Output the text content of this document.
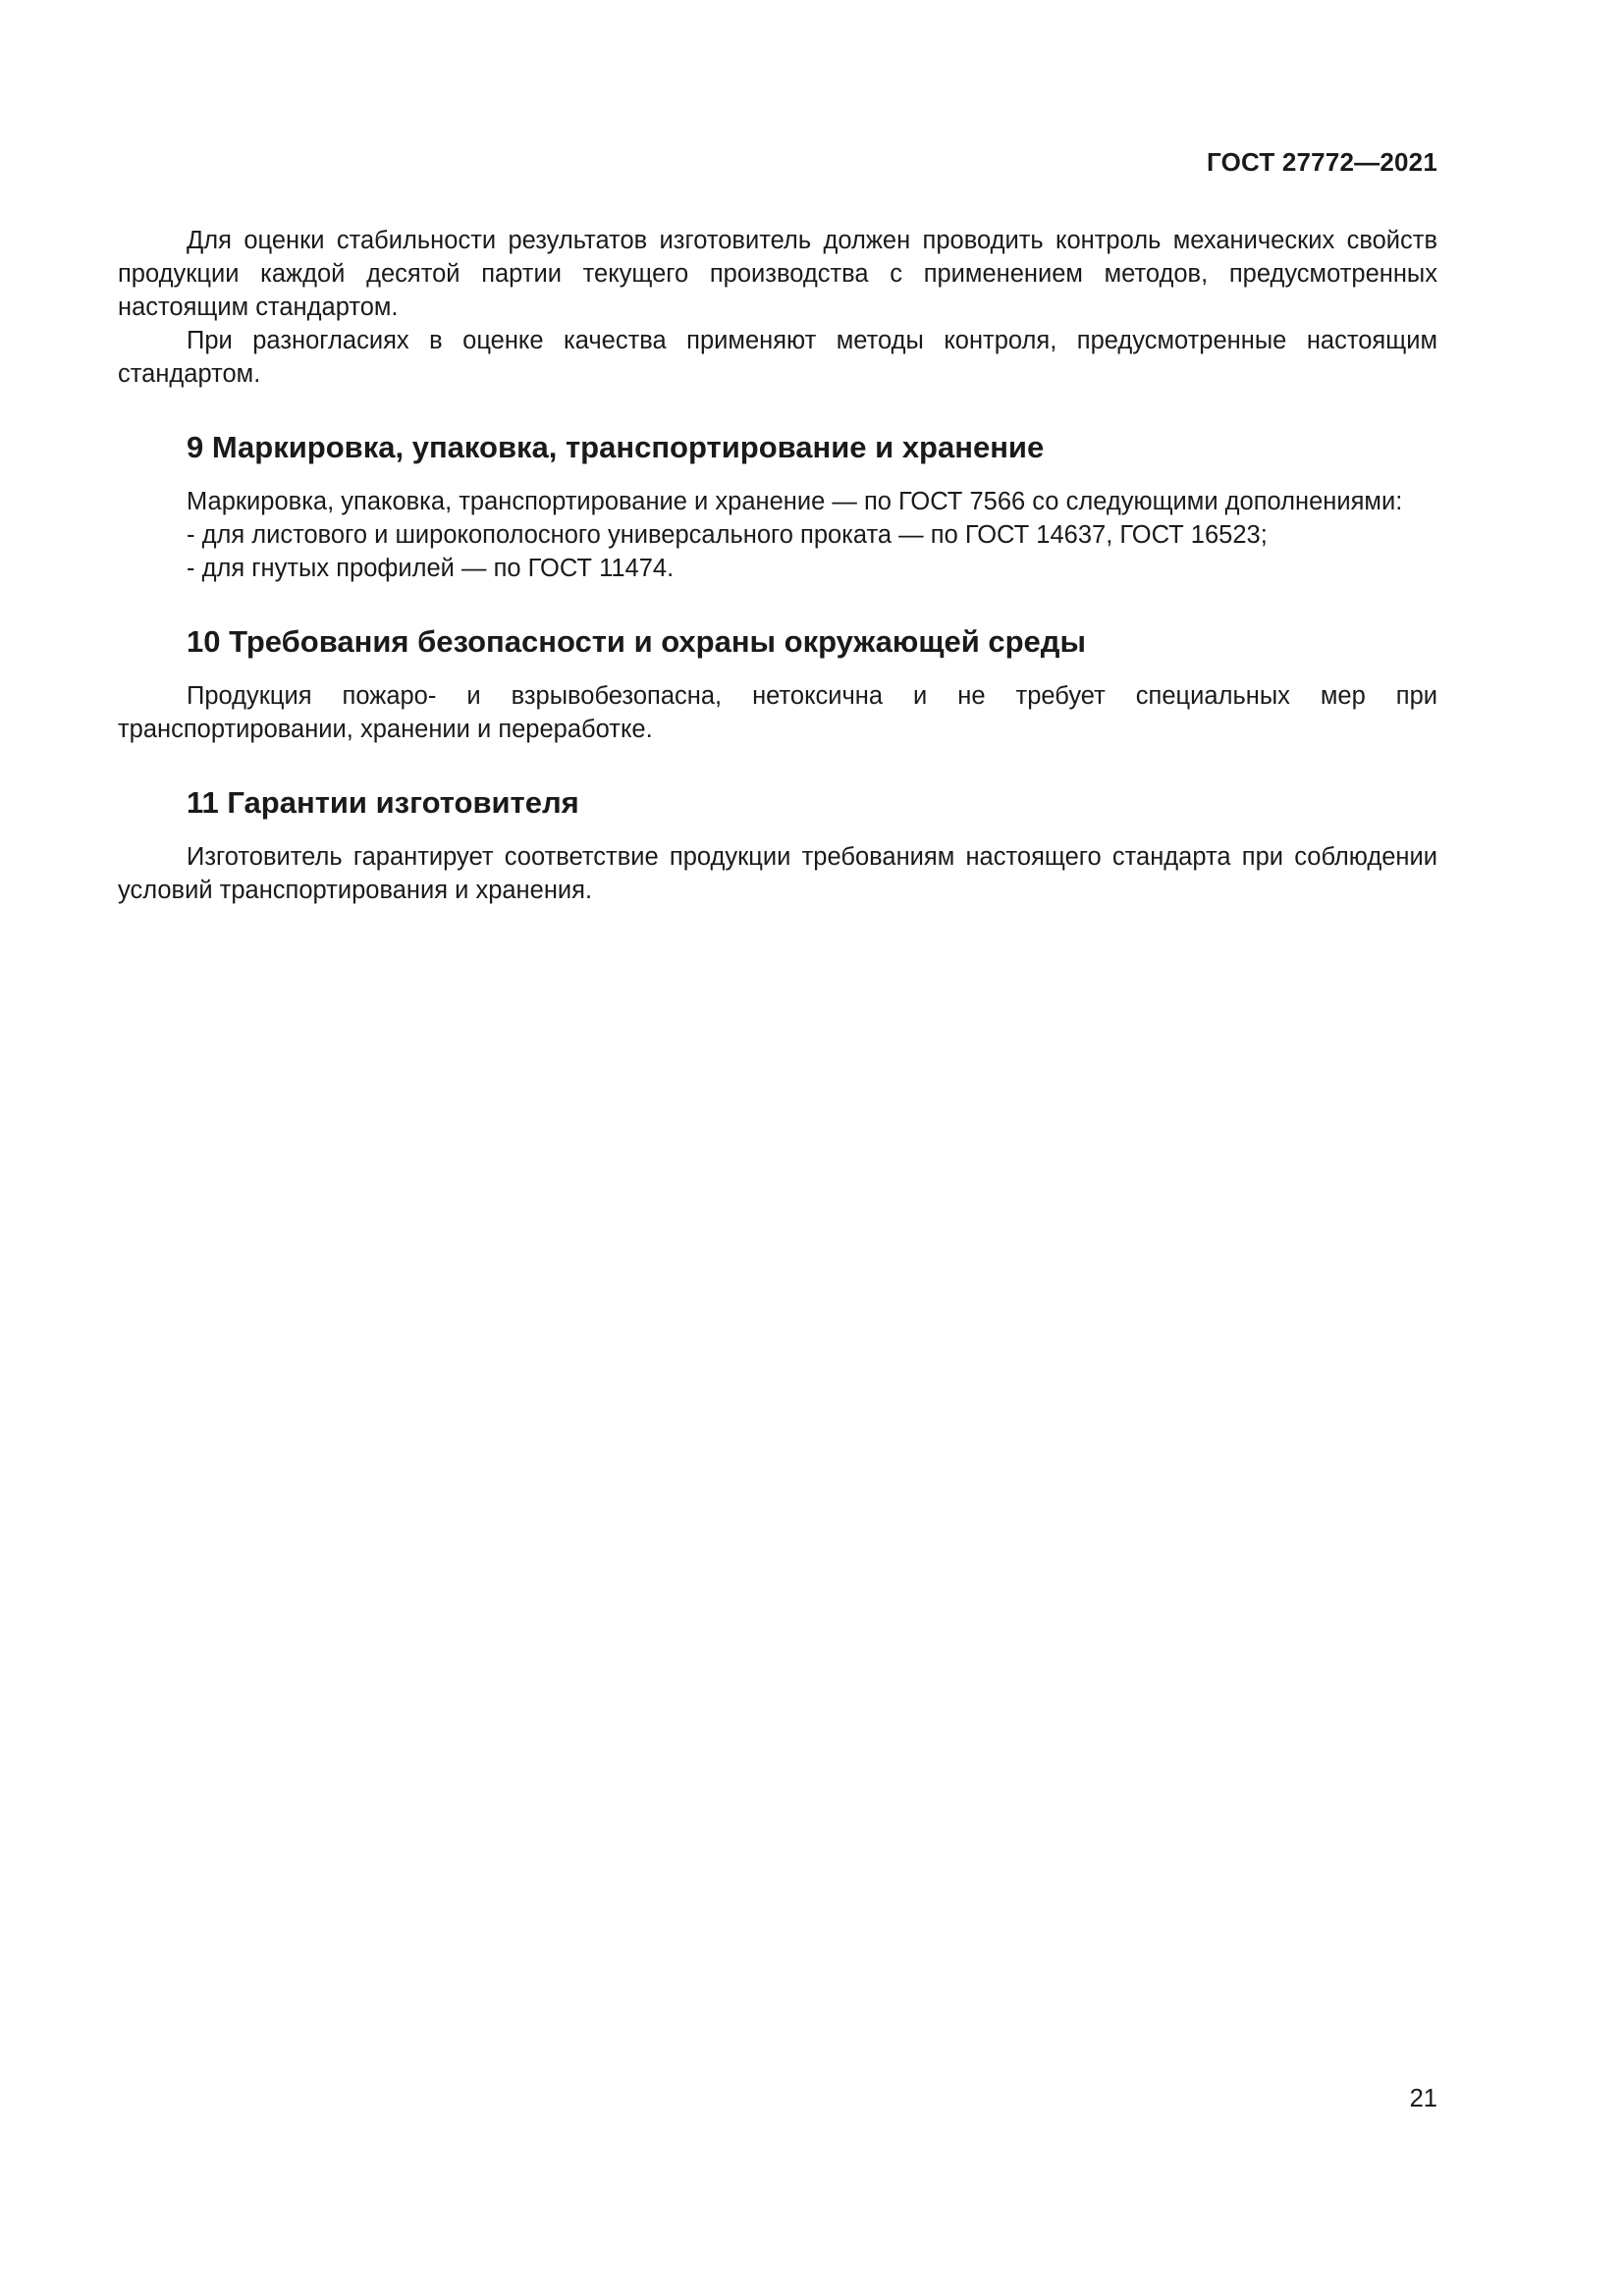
ГОСТ 27772—2021

Для оценки стабильности результатов изготовитель должен проводить контроль механических свойств продукции каждой десятой партии текущего производства с применением методов, предусмотренных настоящим стандартом.

При разногласиях в оценке качества применяют методы контроля, предусмотренные настоящим стандартом.

9 Маркировка, упаковка, транспортирование и хранение

Маркировка, упаковка, транспортирование и хранение — по ГОСТ 7566 со следующими дополнениями:

- для листового и широкополосного универсального проката — по ГОСТ 14637, ГОСТ 16523;

- для гнутых профилей — по ГОСТ 11474.

10 Требования безопасности и охраны окружающей среды

Продукция пожаро- и взрывобезопасна, нетоксична и не требует специальных мер при транспортировании, хранении и переработке.

11 Гарантии изготовителя

Изготовитель гарантирует соответствие продукции требованиям настоящего стандарта при соблюдении условий транспортирования и хранения.

21
